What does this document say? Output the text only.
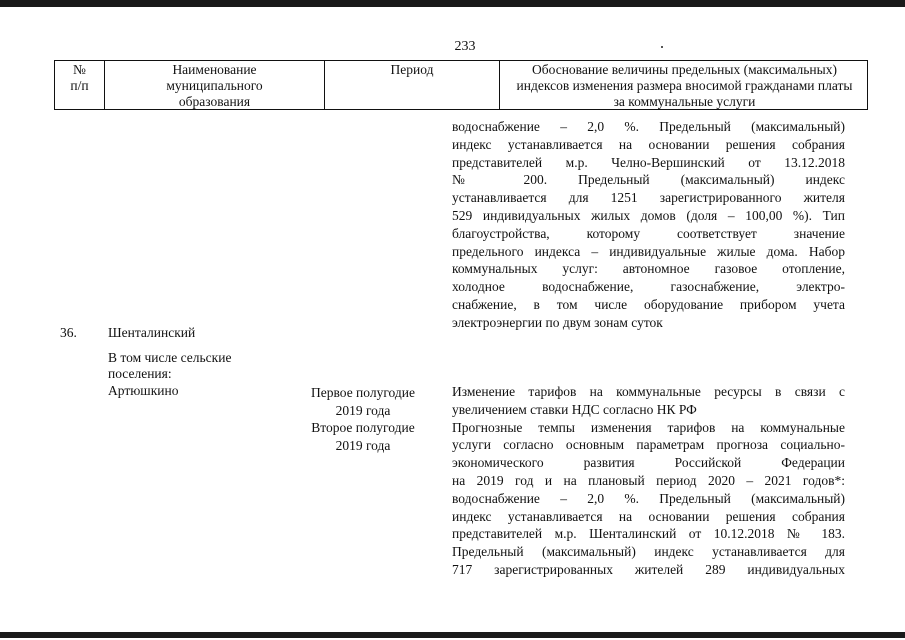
233
№
п/п
Наименование
муниципального
образования
Период	Обоснование величины предельных (максимальных)
индексов изменения размера вносимой гражданами платы
за коммунальные услуги
водоснабжение – 2,0 %. Предельный (максимальный)
индекс устанавливается на основании решения собрания
представителей м.р. Челно-Вершинский от 13.12.2018
№ 200. Предельный (максимальный) индекс
устанавливается для 1251 зарегистрированного жителя
529 индивидуальных жилых домов (доля – 100,00 %). Тип
благоустройства, которому соответствует значение
предельного индекса – индивидуальные жилые дома. Набор
коммунальных услуг: автономное газовое отопление,
холодное водоснабжение, газоснабжение, электро-
снабжение, в том числе оборудование прибором учета
электроэнергии по двум зонам суток
36. Шенталинский
В том числе сельские
поселения:
Артюшкино	Первое полугодие
2019 года
Второе полугодие
2019 года
Изменение тарифов на коммунальные ресурсы в связи с
увеличением ставки НДС согласно НК РФ
Прогнозные темпы изменения тарифов на коммунальные
услуги согласно основным параметрам прогноза социально-
экономического развития Российской Федерации
на 2019 год и на плановый период 2020 – 2021 годов*:
водоснабжение – 2,0 %. Предельный (максимальный)
индекс устанавливается на основании решения собрания
представителей м.р. Шенталинский от 10.12.2018 № 183.
Предельный (максимальный) индекс устанавливается для
717 зарегистрированных жителей 289 индивидуальных
